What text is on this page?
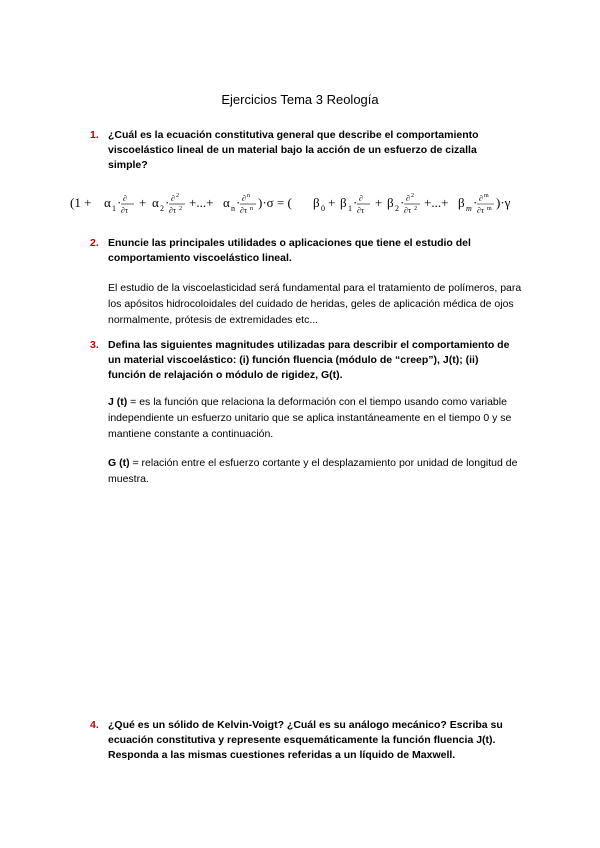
Ejercicios Tema 3 Reología
1. ¿Cuál es la ecuación constitutiva general que describe el comportamiento viscoelástico lineal de un material bajo la acción de un esfuerzo de cizalla simple?
(1 + α 1 · ∂
∂τ
+ α 2 · ∂ 2
∂τ 2 +...+ α n · ∂ n
∂τ n )·σ = ( β 0 + β 1 · ∂
∂τ
+ β 2 · ∂ 2
∂τ 2 +...+ β m · ∂ m
∂τ m )·γ
2. Enuncie las principales utilidades o aplicaciones que tiene el estudio del comportamiento viscoelástico lineal.
El estudio de la viscoelasticidad será fundamental para el tratamiento de polímeros, para los apósitos hidrocoloidales del cuidado de heridas, geles de aplicación médica de ojos normalmente, prótesis de extremidades etc...
3. Defina las siguientes magnitudes utilizadas para describir el comportamiento de un material viscoelástico: (i) función fluencia (módulo de “creep”), J(t); (ii) función de relajación o módulo de rigidez, G(t).
J (t) = es la función que relaciona la deformación con el tiempo usando como variable independiente un esfuerzo unitario que se aplica instantáneamente en el tiempo 0 y se mantiene constante a continuación.
G (t) = relación entre el esfuerzo cortante y el desplazamiento por unidad de longitud de muestra.
4. ¿Qué es un sólido de Kelvin-Voigt? ¿Cuál es su análogo mecánico? Escriba su ecuación constitutiva y represente esquemáticamente la función fluencia J(t). Responda a las mismas cuestiones referidas a un líquido de Maxwell.
